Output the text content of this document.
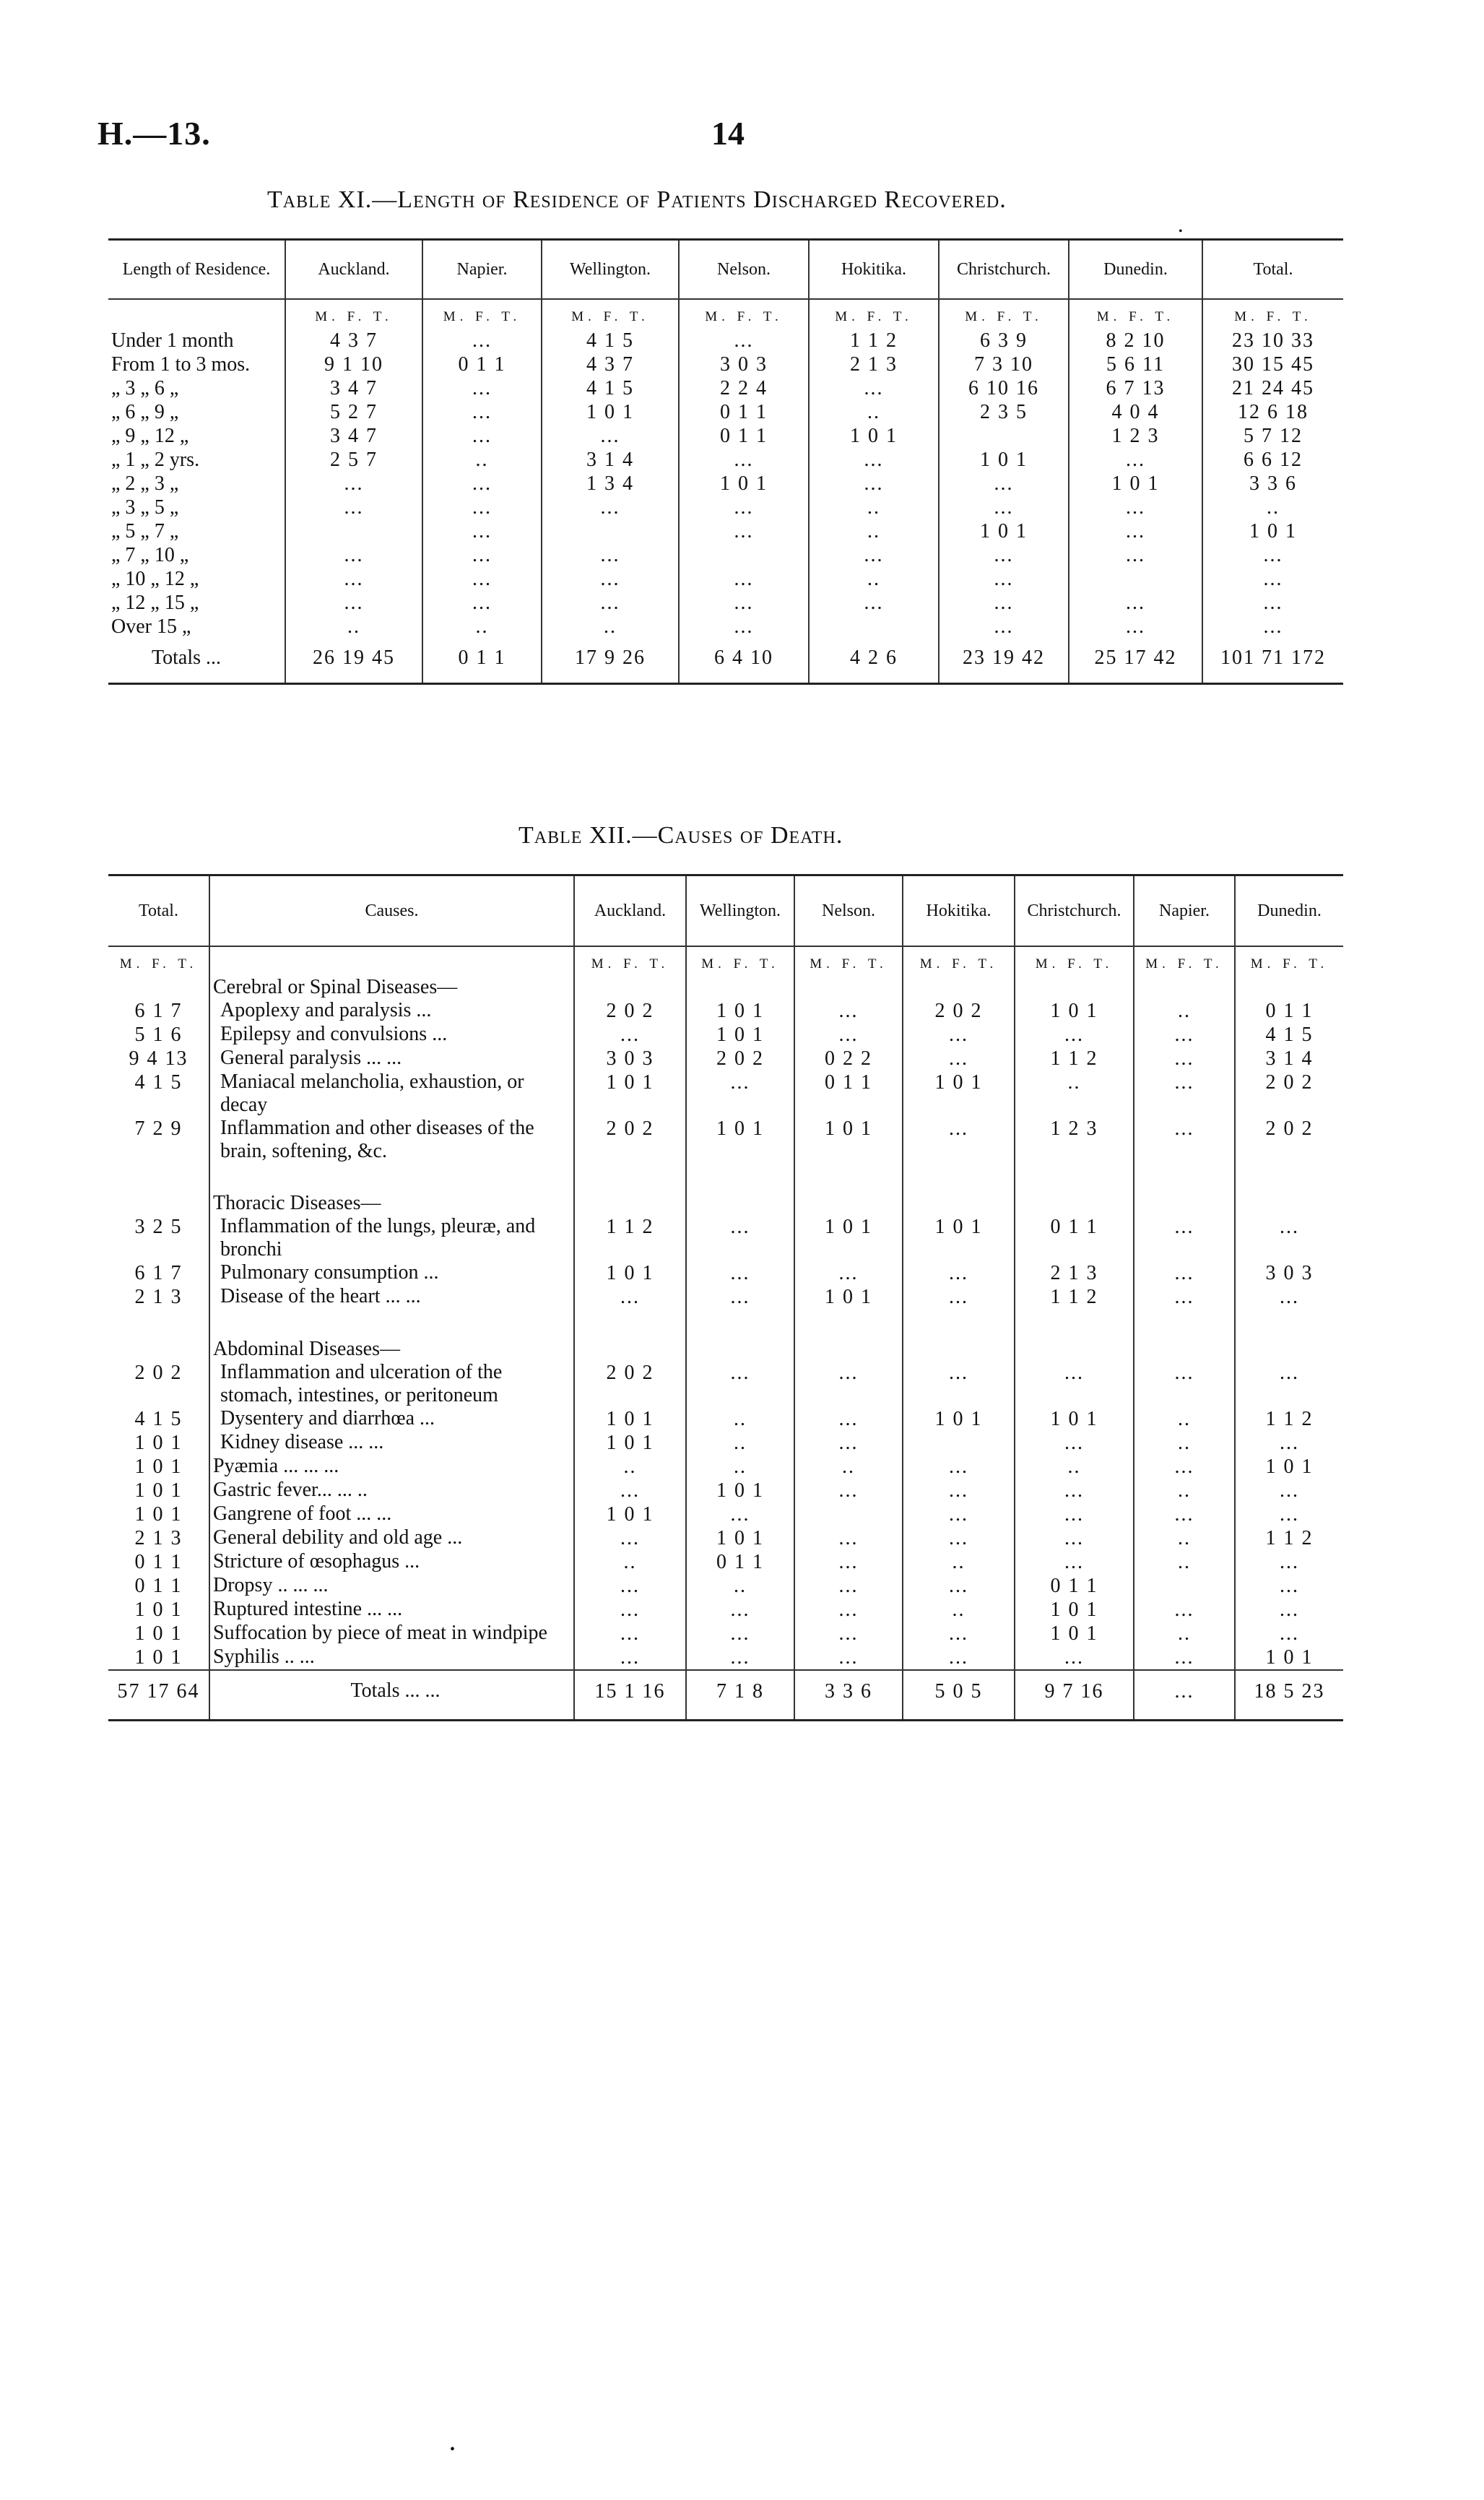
H.—13.	14
•
Table XI.—Length of Residence of Patients Discharged Recovered.
Length of Residence.	Auckland.	Napier.	Wellington.	Nelson.	Hokitika.	Christchurch.	Dunedin.	Total.
	M. F. T.	M. F. T.	M. F. T.	M. F. T.	M. F. T.	M. F. T.	M. F. T.	M. F. T.
Under 1 month	4 3 7	...	4 1 5	...	1 1 2	6 3 9	8 2 10	23 10 33
From 1 to 3 mos.	9 1 10	0 1 1	4 3 7	3 0 3	2 1 3	7 3 10	5 6 11	30 15 45
„ 3 „ 6 „	3 4 7	...	4 1 5	2 2 4	...	6 10 16	6 7 13	21 24 45
„ 6 „ 9 „	5 2 7	...	1 0 1	0 1 1	..	2 3 5	4 0 4	12 6 18
„ 9 „ 12 „	3 4 7	...	...	0 1 1	1 0 1		1 2 3	5 7 12
„ 1 „ 2 yrs.	2 5 7	..	3 1 4	...	...	1 0 1	...	6 6 12
„ 2 „ 3 „	...	...	1 3 4	1 0 1	...	...	1 0 1	3 3 6
„ 3 „ 5 „	...	...	...	...	..	...	...	..
„ 5 „ 7 „		...		...	..	1 0 1	...	1 0 1
„ 7 „ 10 „	...	...	...		...	...	...	...
„ 10 „ 12 „	...	...	...	...	..	...		...
„ 12 „ 15 „	...	...	...	...	...	...	...	...
Over 15 „	..	..	..	...		...	...	...
Totals ...	26 19 45	0 1 1	17 9 26	6 4 10	4 2 6	23 19 42	25 17 42	101 71 172
Table XII.—Causes of Death.
Total.	Causes.	Auckland.	Wellington.	Nelson.	Hokitika.	Christchurch.	Napier.	Dunedin.
M. F. T.		M. F. T.	M. F. T.	M. F. T.	M. F. T.	M. F. T.	M. F. T.	M. F. T.
	Cerebral or Spinal Diseases—							
6 1 7	Apoplexy and paralysis ...	2 0 2	1 0 1	...	2 0 2	1 0 1	..	0 1 1
5 1 6	Epilepsy and convulsions ...	...	1 0 1	...	...	...	...	4 1 5
9 4 13	General paralysis ... ...	3 0 3	2 0 2	0 2 2	...	1 1 2	...	3 1 4
4 1 5	Maniacal melancholia, exhaustion, or decay	1 0 1	...	0 1 1	1 0 1	..	...	2 0 2
7 2 9	Inflammation and other diseases of the brain, softening, &c.	2 0 2	1 0 1	1 0 1	...	1 2 3	...	2 0 2

	Thoracic Diseases—							
3 2 5	Inflammation of the lungs, pleuræ, and bronchi	1 1 2	...	1 0 1	1 0 1	0 1 1	...	...
6 1 7	Pulmonary consumption ...	1 0 1	...	...	...	2 1 3	...	3 0 3
2 1 3	Disease of the heart ... ...	...	...	1 0 1	...	1 1 2	...	...

	Abdominal Diseases—							
2 0 2	Inflammation and ulceration of the stomach, intestines, or peritoneum	2 0 2	...	...	...	...	...	...
4 1 5	Dysentery and diarrhœa ...	1 0 1	..	...	1 0 1	1 0 1	..	1 1 2
1 0 1	Kidney disease ... ...	1 0 1	..	...		...	..	...
1 0 1	Pyæmia ... ... ...	..	..	..	...	..	...	1 0 1
1 0 1	Gastric fever... ... ..	...	1 0 1	...	...	...	..	...
1 0 1	Gangrene of foot ... ...	1 0 1	...		...	...	...	...
2 1 3	General debility and old age ...	...	1 0 1	...	...	...	..	1 1 2
0 1 1	Stricture of œsophagus ...	..	0 1 1	...	..	...	..	...
0 1 1	Dropsy .. ... ...	...	..	...	...	0 1 1		...
1 0 1	Ruptured intestine ... ...	...	...	...	..	1 0 1	...	...
1 0 1	Suffocation by piece of meat in windpipe	...	...	...	...	1 0 1	..	...
1 0 1	Syphilis .. ...	...	...	...	...	...	...	1 0 1
57 17 64	Totals ... ...	15 1 16	7 1 8	3 3 6	5 0 5	9 7 16	...	18 5 23
•
